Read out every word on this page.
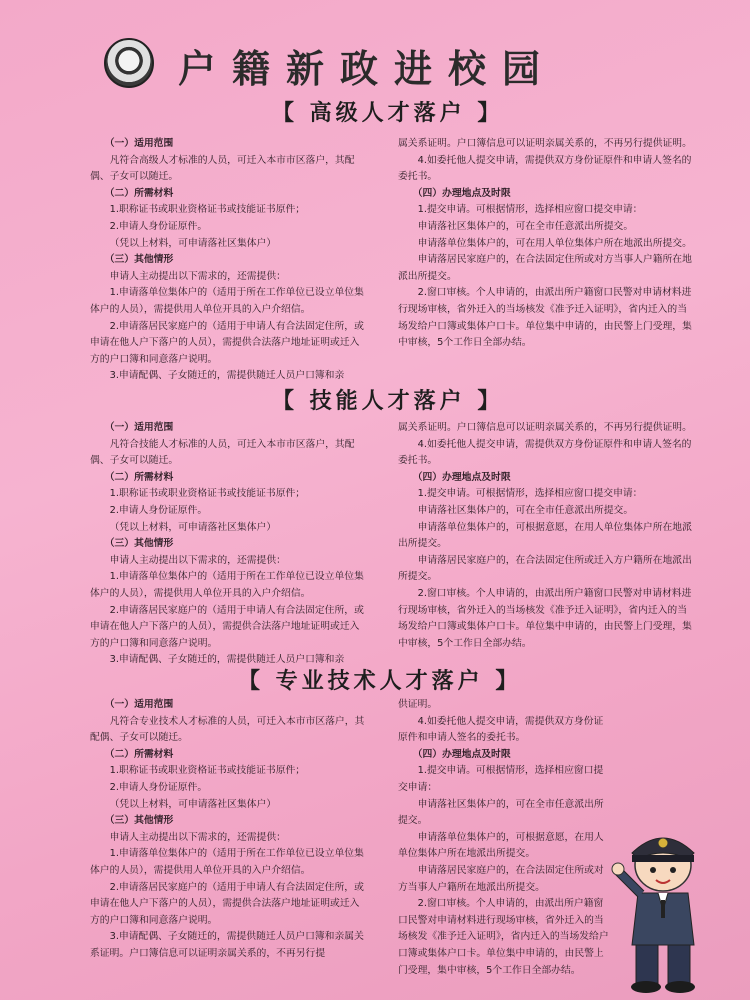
户籍新政进校园
【 高级人才落户 】

（一）适用范围

凡符合高级人才标准的人员，可迁入本市市区落户，其配偶、子女可以随迁。

（二）所需材料

1.职称证书或职业资格证书或技能证书原件；

2.申请人身份证原件。

（凭以上材料，可申请落社区集体户）

（三）其他情形

申请人主动提出以下需求的，还需提供：

1.申请落单位集体户的（适用于所在工作单位已设立单位集体户的人员），需提供用人单位开具的入户介绍信。

2.申请落居民家庭户的（适用于申请人有合法固定住所，或申请在他人户下落户的人员），需提供合法落户地址证明或迁入方的户口簿和同意落户说明。

3.申请配偶、子女随迁的，需提供随迁人员户口簿和亲

属关系证明。户口簿信息可以证明亲属关系的，不再另行提供证明。

4.如委托他人提交申请，需提供双方身份证原件和申请人签名的委托书。

（四）办理地点及时限

1.提交申请。可根据情形，选择相应窗口提交申请：

申请落社区集体户的，可在全市任意派出所提交。

申请落单位集体户的，可在用人单位集体户所在地派出所提交。

申请落居民家庭户的，在合法固定住所或对方当事人户籍所在地派出所提交。

2.窗口审核。个人申请的，由派出所户籍窗口民警对申请材料进行现场审核，省外迁入的当场核发《准予迁入证明》，省内迁入的当场发给户口簿或集体户口卡。单位集中申请的，由民警上门受理，集中审核，5个工作日全部办结。

【 技能人才落户 】

（一）适用范围

凡符合技能人才标准的人员，可迁入本市市区落户，其配偶、子女可以随迁。

（二）所需材料

1.职称证书或职业资格证书或技能证书原件；

2.申请人身份证原件。

（凭以上材料，可申请落社区集体户）

（三）其他情形

申请人主动提出以下需求的，还需提供：

1.申请落单位集体户的（适用于所在工作单位已设立单位集体户的人员），需提供用人单位开具的入户介绍信。

2.申请落居民家庭户的（适用于申请人有合法固定住所，或申请在他人户下落户的人员），需提供合法落户地址证明或迁入方的户口簿和同意落户说明。

3.申请配偶、子女随迁的，需提供随迁人员户口簿和亲

属关系证明。户口簿信息可以证明亲属关系的，不再另行提供证明。

4.如委托他人提交申请，需提供双方身份证原件和申请人签名的委托书。

（四）办理地点及时限

1.提交申请。可根据情形，选择相应窗口提交申请：

申请落社区集体户的，可在全市任意派出所提交。

申请落单位集体户的，可根据意愿，在用人单位集体户所在地派出所提交。

申请落居民家庭户的，在合法固定住所或迁入方户籍所在地派出所提交。

2.窗口审核。个人申请的，由派出所户籍窗口民警对申请材料进行现场审核，省外迁入的当场核发《准予迁入证明》，省内迁入的当场发给户口簿或集体户口卡。单位集中申请的，由民警上门受理，集中审核，5个工作日全部办结。

【 专业技术人才落户 】

（一）适用范围

凡符合专业技术人才标准的人员，可迁入本市市区落户，其配偶、子女可以随迁。

（二）所需材料

1.职称证书或职业资格证书或技能证书原件；

2.申请人身份证原件。

（凭以上材料，可申请落社区集体户）

（三）其他情形

申请人主动提出以下需求的，还需提供：

1.申请落单位集体户的（适用于所在工作单位已设立单位集体户的人员），需提供用人单位开具的入户介绍信。

2.申请落居民家庭户的（适用于申请人有合法固定住所，或申请在他人户下落户的人员），需提供合法落户地址证明或迁入方的户口簿和同意落户说明。

3.申请配偶、子女随迁的，需提供随迁人员户口簿和亲属关系证明。户口簿信息可以证明亲属关系的，不再另行提

供证明。

4.如委托他人提交申请，需提供双方身份证原件和申请人签名的委托书。

（四）办理地点及时限

1.提交申请。可根据情形，选择相应窗口提交申请：

申请落社区集体户的，可在全市任意派出所提交。

申请落单位集体户的，可根据意愿，在用人单位集体户所在地派出所提交。

申请落居民家庭户的，在合法固定住所或对方当事人户籍所在地派出所提交。

2.窗口审核。个人申请的，由派出所户籍窗口民警对申请材料进行现场审核，省外迁入的当场核发《准予迁入证明》，省内迁入的当场发给户口簿或集体户口卡。单位集中申请的，由民警上门受理，集中审核，5个工作日全部办结。
